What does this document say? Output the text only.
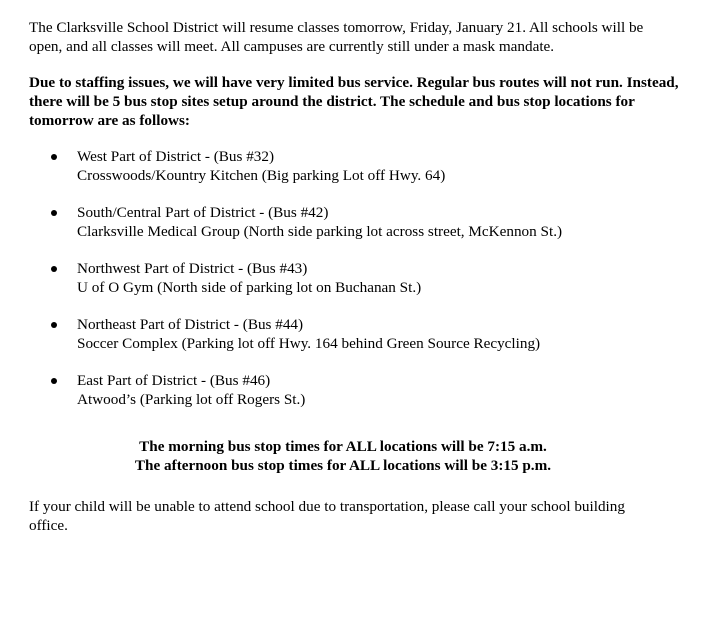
The Clarksville School District will resume classes tomorrow, Friday, January 21. All schools will be open, and all classes will meet. All campuses are currently still under a mask mandate.

Due to staffing issues, we will have very limited bus service. Regular bus routes will not run. Instead, there will be 5 bus stop sites setup around the district. The schedule and bus stop locations for tomorrow are as follows:

West Part of District - (Bus #32)
Crosswoods/Kountry Kitchen (Big parking Lot off Hwy. 64)
South/Central Part of District - (Bus #42)
Clarksville Medical Group (North side parking lot across street, McKennon St.)
Northwest Part of District - (Bus #43)
U of O Gym (North side of parking lot on Buchanan St.)
Northeast Part of District - (Bus #44)
Soccer Complex (Parking lot off Hwy. 164 behind Green Source Recycling)
East Part of District - (Bus #46)
Atwood’s (Parking lot off Rogers St.)
The morning bus stop times for ALL locations will be 7:15 a.m.
The afternoon bus stop times for ALL locations will be 3:15 p.m.

If your child will be unable to attend school due to transportation, please call your school building office.
